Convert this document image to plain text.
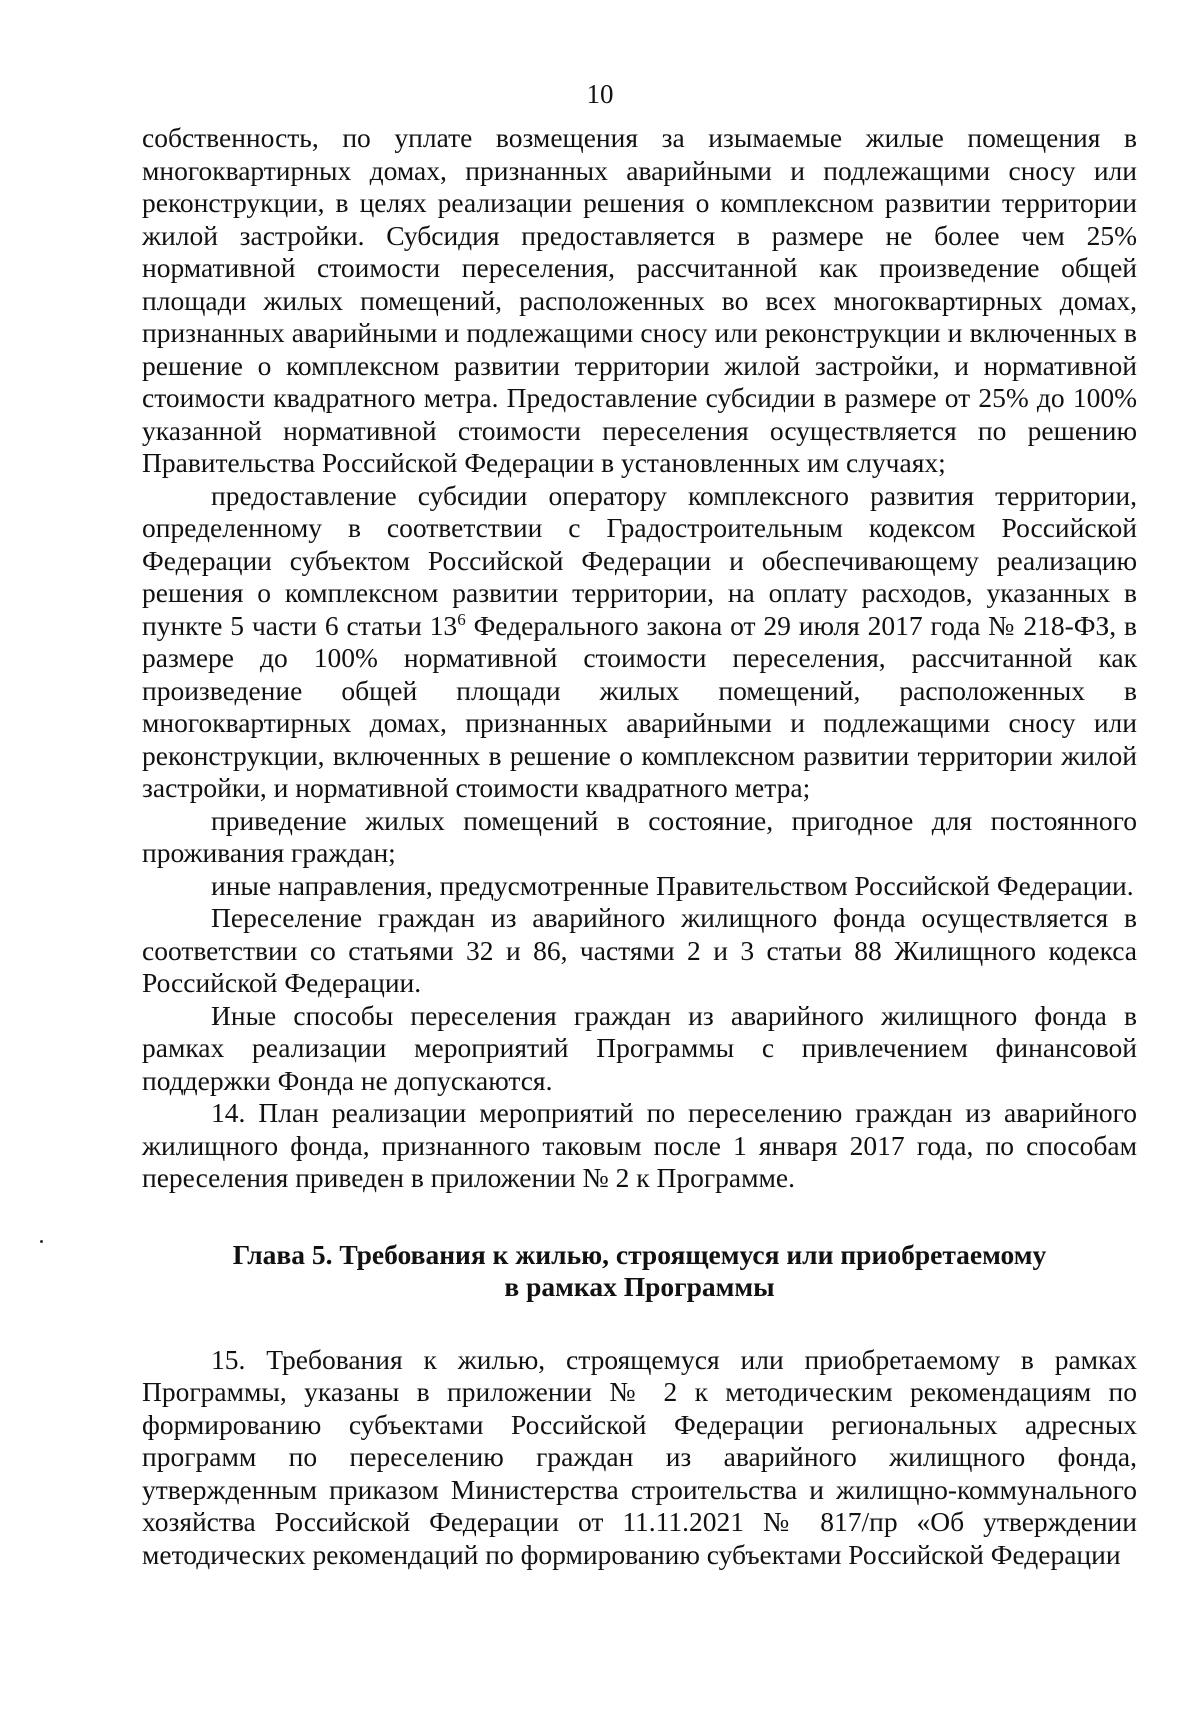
10

собственность, по уплате возмещения за изымаемые жилые помещения в многоквартирных домах, признанных аварийными и подлежащими сносу или реконструкции, в целях реализации решения о комплексном развитии территории жилой застройки. Субсидия предоставляется в размере не более чем 25% нормативной стоимости переселения, рассчитанной как произведение общей площади жилых помещений, расположенных во всех многоквартирных домах, признанных аварийными и подлежащими сносу или реконструкции и включенных в решение о комплексном развитии территории жилой застройки, и нормативной стоимости квадратного метра. Предоставление субсидии в размере от 25% до 100% указанной нормативной стоимости переселения осуществляется по решению Правительства Российской Федерации в установленных им случаях;

предоставление субсидии оператору комплексного развития территории, определенному в соответствии с Градостроительным кодексом Российской Федерации субъектом Российской Федерации и обеспечивающему реализацию решения о комплексном развитии территории, на оплату расходов, указанных в пункте 5 части 6 статьи $13^6$ Федерального закона от 29 июля 2017 года № 218-ФЗ, в размере до 100% нормативной стоимости переселения, рассчитанной как произведение общей площади жилых помещений, расположенных в многоквартирных домах, признанных аварийными и подлежащими сносу или реконструкции, включенных в решение о комплексном развитии территории жилой застройки, и нормативной стоимости квадратного метра;

приведение жилых помещений в состояние, пригодное для постоянного проживания граждан;

иные направления, предусмотренные Правительством Российской Федерации.

Переселение граждан из аварийного жилищного фонда осуществляется в соответствии со статьями 32 и 86, частями 2 и 3 статьи 88 Жилищного кодекса Российской Федерации.

Иные способы переселения граждан из аварийного жилищного фонда в рамках реализации мероприятий Программы с привлечением финансовой поддержки Фонда не допускаются.

14. План реализации мероприятий по переселению граждан из аварийного жилищного фонда, признанного таковым после 1 января 2017 года, по способам переселения приведен в приложении № 2 к Программе.

Глава 5. Требования к жилью, строящемуся или приобретаемому
в рамках Программы

15. Требования к жилью, строящемуся или приобретаемому в рамках Программы, указаны в приложении № 2 к методическим рекомендациям по формированию субъектами Российской Федерации региональных адресных программ по переселению граждан из аварийного жилищного фонда, утвержденным приказом Министерства строительства и жилищно-коммунального хозяйства Российской Федерации от 11.11.2021 № 817/пр «Об утверждении методических рекомендаций по формированию субъектами Российской Федерации
